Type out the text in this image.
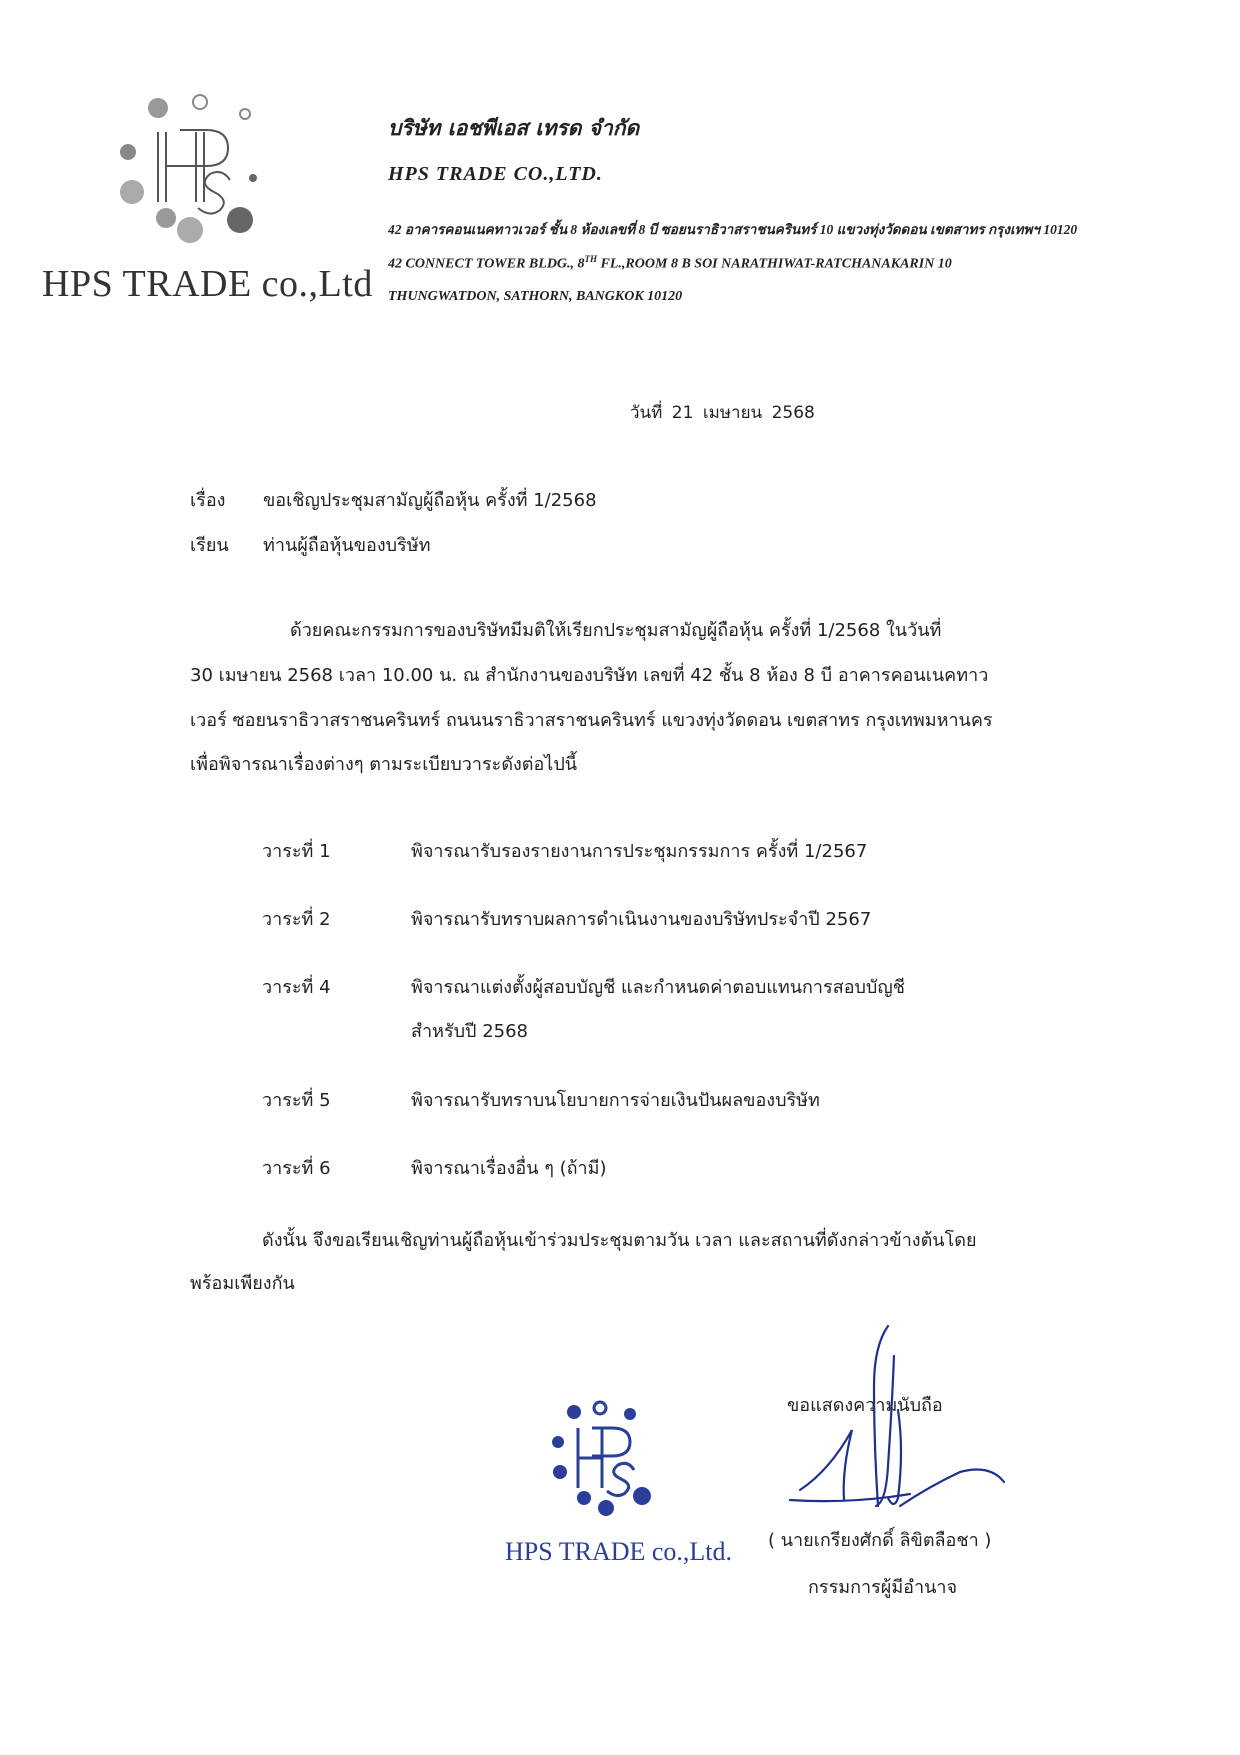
HPS TRADE co.,Ltd
บริษัท เอชพีเอส เทรด จำกัด
HPS TRADE CO.,LTD.
42 อาคารคอนเนคทาวเวอร์ ชั้น 8 ห้องเลขที่ 8 บี ซอยนราธิวาสราชนครินทร์ 10 แขวงทุ่งวัดดอน เขตสาทร กรุงเทพฯ 10120
42 CONNECT TOWER BLDG., 8TH FL.,ROOM 8 B SOI NARATHIWAT-RATCHANAKARIN 10
THUNGWATDON, SATHORN, BANGKOK 10120
วันที่ 21 เมษายน 2568
เรื่อง ขอเชิญประชุมสามัญผู้ถือหุ้น ครั้งที่ 1/2568
เรียน ท่านผู้ถือหุ้นของบริษัท
ด้วยคณะกรรมการของบริษัทมีมติให้เรียกประชุมสามัญผู้ถือหุ้น ครั้งที่ 1/2568 ในวันที่
30 เมษายน 2568 เวลา 10.00 น. ณ สำนักงานของบริษัท เลขที่ 42 ชั้น 8 ห้อง 8 บี อาคารคอนเนคทาว
เวอร์ ซอยนราธิวาสราชนครินทร์ ถนนนราธิวาสราชนครินทร์ แขวงทุ่งวัดดอน เขตสาทร กรุงเทพมหานคร
เพื่อพิจารณาเรื่องต่างๆ ตามระเบียบวาระดังต่อไปนี้
วาระที่ 1	พิจารณารับรองรายงานการประชุมกรรมการ ครั้งที่ 1/2567
วาระที่ 2	พิจารณารับทราบผลการดำเนินงานของบริษัทประจำปี 2567
วาระที่ 4	พิจารณาแต่งตั้งผู้สอบบัญชี และกำหนดค่าตอบแทนการสอบบัญชี
สำหรับปี 2568
วาระที่ 5	พิจารณารับทราบนโยบายการจ่ายเงินปันผลของบริษัท
วาระที่ 6	พิจารณาเรื่องอื่น ๆ (ถ้ามี)
ดังนั้น จึงขอเรียนเชิญท่านผู้ถือหุ้นเข้าร่วมประชุมตามวัน เวลา และสถานที่ดังกล่าวข้างต้นโดย
พร้อมเพียงกัน
HPS TRADE co.,Ltd.
ขอแสดงความนับถือ
( นายเกรียงศักดิ์ ลิขิตลือชา )
กรรมการผู้มีอำนาจ
